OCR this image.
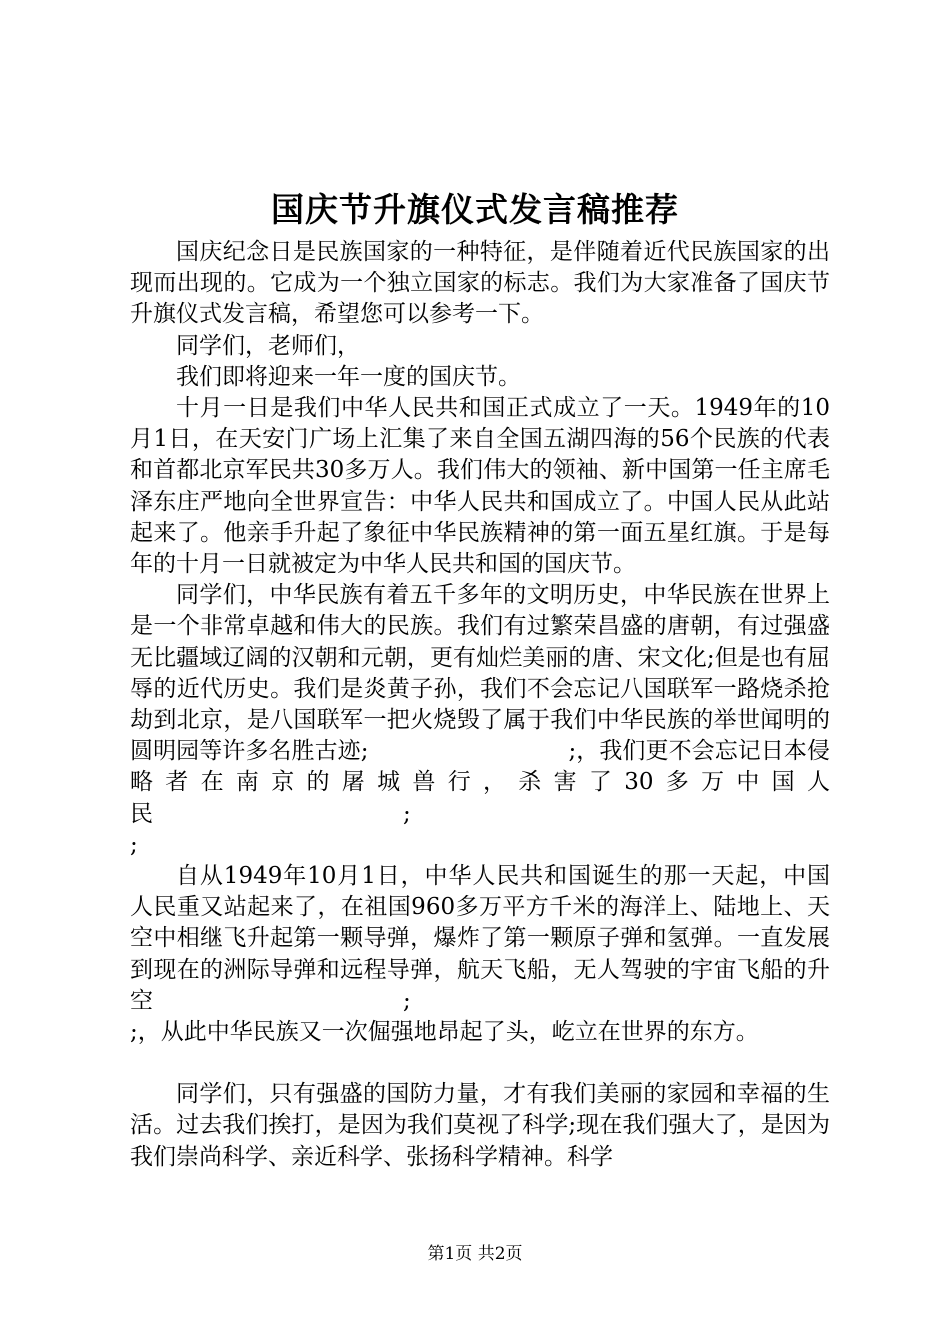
国庆节升旗仪式发言稿推荐

国庆纪念日是民族国家的一种特征，是伴随着近代民族国家的出现而出现的。它成为一个独立国家的标志。我们为大家准备了国庆节升旗仪式发言稿，希望您可以参考一下。

同学们，老师们，

我们即将迎来一年一度的国庆节。

十月一日是我们中华人民共和国正式成立了一天。1949年的10月1日，在天安门广场上汇集了来自全国五湖四海的56个民族的代表和首都北京军民共30多万人。我们伟大的领袖、新中国第一任主席毛泽东庄严地向全世界宣告：中华人民共和国成立了。中国人民从此站起来了。他亲手升起了象征中华民族精神的第一面五星红旗。于是每年的十月一日就被定为中华人民共和国的国庆节。

同学们，中华民族有着五千多年的文明历史，中华民族在世界上是一个非常卓越和伟大的民族。我们有过繁荣昌盛的唐朝，有过强盛无比疆域辽阔的汉朝和元朝，更有灿烂美丽的唐、宋文化;但是也有屈辱的近代历史。我们是炎黄子孙，我们不会忘记八国联军一路烧杀抢劫到北京，是八国联军一把火烧毁了属于我们中华民族的举世闻明的圆明园等许多名胜古迹;	;，我们更不会忘记日本侵略者在南京的屠城兽行，杀害了30多万中国人民	;

;

自从1949年10月1日，中华人民共和国诞生的那一天起，中国人民重又站起来了，在祖国960多万平方千米的海洋上、陆地上、天空中相继飞升起第一颗导弹，爆炸了第一颗原子弹和氢弹。一直发展到现在的洲际导弹和远程导弹，航天飞船，无人驾驶的宇宙飞船的升空	;

;，从此中华民族又一次倔强地昂起了头，屹立在世界的东方。

同学们，只有强盛的国防力量，才有我们美丽的家园和幸福的生活。过去我们挨打，是因为我们莫视了科学;现在我们强大了，是因为我们崇尚科学、亲近科学、张扬科学精神。科学

第1页 共2页
